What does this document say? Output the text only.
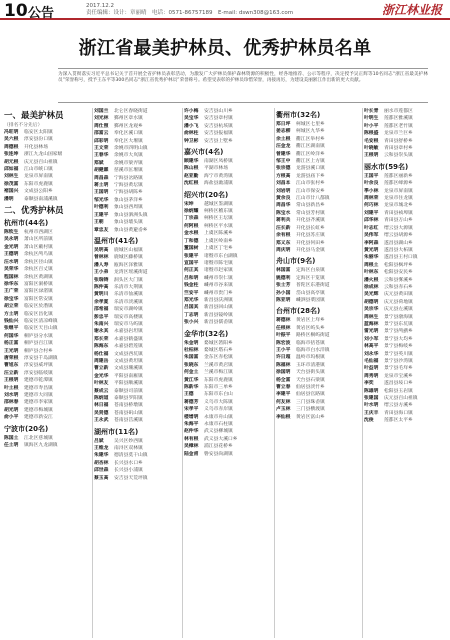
10 公告	2017.12.2
责任编辑：设计：章丽晴　电话：0571-86757189　E-mail: dswn308@163.com	浙江林业报
浙江省最美护林员、优秀护林员名单

为深入贯彻落实习近平总书记关于首开展全省护林员表彰活动，为激发广大护林员保护森林资源的积极性，经各地推荐、公示等程序，决定授予吴正辉等10名同志“浙江省最美护林员”荣誉称号，授予王东平等300名同志“浙江省优秀护林员”荣誉称号。希望受表彰的护林员珍惜荣誉，再接再厉，为建设美丽浙江作出新的更大贡献。

一、最美护林员
（排名不分先后）
冯旺明	临安区太阳镇
吴六根	淳安县汾口镇
周德根	开化县林场
张连坤	浙江九龙山国家级
胡元根	庆元县百山祖镇
邱如福	江山市峡口镇
刘林生	龙泉市屏南镇
徐茂富	东阳市虎鹿镇
褚国兴	文成县公阳乡
潘明	泰顺县南浦溪镇
二、优秀护林员
杭州市(44名)
陈钦生	杭州市西湖区
吴永明	萧山区所前镇
金光明	萧山区戴村镇
王德明	余杭区鸬鸟镇
汪水明	余杭区径山镇
吴荣华	余杭区百丈镇
程国林	余杭区黄湖镇
徐华东	富阳区洞桥镇
王广荣	富阳区渌渚镇
徐宝华	富阳区常安镇
胡立荣	临安区於潜镇
方土明	临安区昌化镇
钱仙兴	临安区清凉峰镇
张继平	临安区天目山镇
何国华	桐庐县分水镇
杨正富	桐庐县百江镇
王光明	桐庐县合村乡
唐荣根	淳安县千岛湖镇
曹旭东	淳安县威坪镇
汪立新	淳安县临岐镇
王根明	建德市乾潭镇
叶土根	建德市寿昌镇
刘水明	建德市大同镇
邵林春	建德市李家镇
胡光明	建德市梅城镇
俞小平	建德市新安江
宁波市(20名)
陈国土	江北区慈城镇
任土明	镇海区九龙湖镇
刘国兰	北仑区春晓街道
刘光林	鄞州区章水镇
周仕照	鄞州区龙观乡
邵富云	奉化区溪口镇
邱彩明	奉化区大堰镇
王文荣	余姚市四明山镇
王春华	余姚市大岚镇
郑斌	余姚市梁弄镇
胡健霖	慈溪市匡堰镇
周昌森	宁海县岔路镇
蒋土明	宁海县黄坛镇
王国明	宁海县胡陈乡
邹光华	象山县茅洋乡
叶德利	象山县西周镇
王建平	象山县泗洲头镇
王朝	象山县墙头镇
章忠友	象山县黄避岙乡
温州市(41名)
吴明高	鹿城区山福镇
曾林林	鹿城区藤桥镇
潘人寿	瓯海区泽雅镇
王小弟	龙湾区瑶溪街道
张瑞铸	洞头区大门镇
陈仲高	乐清市大荆镇
黄明川	乐清市仙溪镇
余孝夏	乐清市淡溪镇
邵希福	瑞安市湖岭镇
彭忠平	瑞安市高楼镇
朱南兴	瑞安市马屿镇
谢永其	永嘉县岩坦镇
郑长荣	永嘉县鹤盛镇
陈海东	永嘉县碧莲镇
杨仕福	文成县西坑镇
周建岳	文成县黄坦镇
曹立新	文成县珊溪镇
金光华	平阳县南雁镇
叶林友	平阳县顺溪镇
蔡成云	泰顺县司前镇
陈炳道	泰顺县罗阳镇
林日福	苍南县桥墩镇
吴贤德	苍南县矾山镇
王永武	苍南县莒溪镇
湖州市(11名)
吕斌	吴兴区妙西镇
王维龙	南浔区双林镇
朱建华	德清县莫干山镇
胡杏林	长兴县水口乡
邱世森	长兴县小浦镇
蔡玉高	安吉县天荒坪镇
许小梅	安吉县山川乡
吴宝华	安吉县章村镇
潘小飞	安吉县杭垓镇
俞林柱	安吉县报福镇
钟卫彬	安吉县上墅乡
嘉兴市(4名)
顾建华	南湖区凤桥镇
陈山根	平湖市林场
赵亚勤	海宁市黄湾镇
沈红根	海盐县澉浦镇
绍兴市(20名)
宋坤	越城区鉴湖镇
徐炳耀	柯桥区稽东镇
丁宗森	柯桥区王坛镇
何阿根	柯桥区平水镇
金水根	上虞区陈溪乡
丁和德	上虞区岭南乡
董国树	上虞区丁宅乡
张建平	诸暨市东白湖镇
宣国平	诸暨市陈宅镇
何正其	诸暨市赵家镇
吕和明	嵊州市崇仁镇
钱金柱	嵊州市谷来镇
竺安平	嵊州市贵门乡
郑光华	新昌县沃洲镇
吕国其	新昌县回山镇
丁志明	新昌县镜岭镇
张小兴	新昌县儒岙镇
金华市(32名)
朱金明	婺城区箬阳乡
杜柏林	婺城区塔石乡
朱国富	金东区赤松镇
张晓东	兰溪市黄店镇
何金土	兰溪市梅江镇
黄江华	东阳市虎鹿镇
陈新华	东阳市三单乡
王德	东阳市东白山
蒋德芳	义乌市大陈镇
宋孝平	义乌市赤岸镇
楼增明	永康市舟山镇
朱海平	永康市石柱镇
赵仲华	武义县柳城镇
林有根	武义县大溪口乡
吴樟林	浦江县花桥乡
陆金甫	磐安县尚湖镇
衢州市(32名)
郑日坪	柯城区七里乡
姜志柳	柯城区九华乡
余土根	衢江区举村乡
汪金龙	衢江区湖南镇
曾建华	衢江区岭洋乡
邹王中	衢江区上方镇
张宗德	龙游县溪口镇
方根高	龙游县庙下乡
刘昌本	江山市张村乡
刘岩明	江山市保安乡
黄余良	江山市廿八都镇
周昌华	常山县新昌乡
陈宝水	常山县芳村镇
蒋利兵	开化县齐溪镇
汪长新	开化县长虹乡
余有根	开化县苏庄镇
郑义东	开化县何田乡
周庆明	开化县马金镇
舟山市(9名)
林国富	定海区白泉镇
姚德利	定海区干览镇
张士芳	普陀区东港街道
孙小国	岱山县高亭镇
陈亚明	嵊泗县菜园镇
台州市(28名)
蒋德林	黄岩区上垟乡
任根林	黄岩区屿头乡
叶振平	路桥区桐屿街道
陈宏波	临海市括苍镇
王小平	临海市白水洋镇
许日超	温岭市坞根镇
陈福林	玉环市清港镇
徐国明	天台县街头镇
杨全富	天台县石梁镇
曹立春	仙居县淡竹乡
李建平	仙居县官路镇
何友林	三门县珠岙镇
卢玉林	三门县横渡镇
李仙根	黄岩区富山乡
叶长青	丽水市莲都区
叶明生	莲都区雅溪镇
叶小平	莲都区老竹镇
陈根盛	龙泉市兰巨乡
毛安根	青田县舒桥乡
叶晓敏	青田县章村乡
王根明	云和县崇头镇
丽水市(59名)
王国平	莲都区丽新乡
叶余良	莲都区峰源乡
季小林	龙泉市屏南镇
周林荣	龙泉市住龙镇
何巧林	龙泉市城北乡
刘建平	青田县祯埠镇
邱华林	青田县万山乡
叶志红	缙云县大源镇
吴伟军	缙云县胡源乡
李阿森	遂昌县湖山乡
黄光明	遂昌县大柘镇
朱丽华	遂昌县王村口镇
周根土	松阳县枫坪乡
叶林东	松阳县安民乡
潘火根	云和县雾溪乡
徐成林	云和县赤石乡
吴光辉	庆元县黄田镇
胡德明	庆元县荷地镇
吴宗华	庆元县左溪镇
周林生	景宁县渤海镇
蓝海林	景宁县东坑镇
雷光明	景宁县鸬鹚乡
刘小军	景宁县大均乡
林高平	景宁县梅岐乡
刘永华	景宁县英川镇
毛仙福	景宁县沙湾镇
叶益明	景宁县毛垟乡
周秀明	龙泉市宝溪乡
李奕	遂昌县垵口乡
陈雄明	松阳县玉岩镇
张建国	庆元县百山祖镇
叶水明	缙云县方溪乡
王庆丰	青田县海口镇
沈俊	莲都区太平乡
